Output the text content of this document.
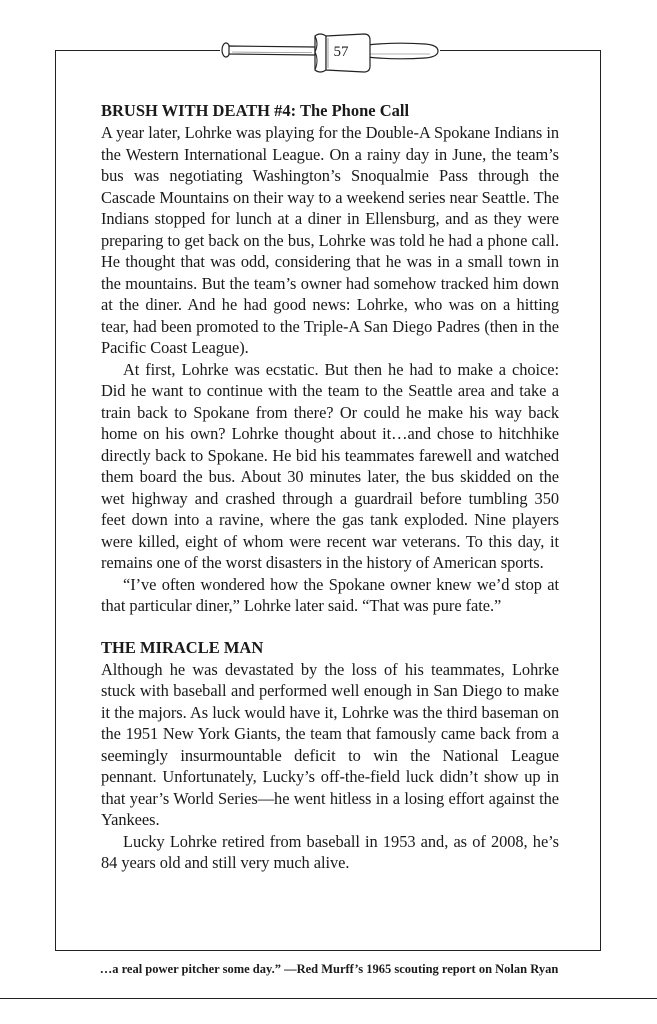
57
BRUSH WITH DEATH #4: The Phone Call

A year later, Lohrke was playing for the Double-A Spokane Indians in the Western International League. On a rainy day in June, the team’s bus was negotiating Washington’s Snoqualmie Pass through the Cascade Mountains on their way to a weekend series near Seattle. The Indians stopped for lunch at a diner in Ellensburg, and as they were preparing to get back on the bus, Lohrke was told he had a phone call. He thought that was odd, considering that he was in a small town in the mountains. But the team’s owner had somehow tracked him down at the diner. And he had good news: Lohrke, who was on a hitting tear, had been promoted to the Triple-A San Diego Padres (then in the Pacific Coast League).

At first, Lohrke was ecstatic. But then he had to make a choice: Did he want to continue with the team to the Seattle area and take a train back to Spokane from there? Or could he make his way back home on his own? Lohrke thought about it…and chose to hitchhike directly back to Spokane. He bid his teammates farewell and watched them board the bus. About 30 minutes later, the bus skidded on the wet highway and crashed through a guardrail before tumbling 350 feet down into a ravine, where the gas tank exploded. Nine players were killed, eight of whom were recent war veterans. To this day, it remains one of the worst disasters in the history of American sports.

“I’ve often wondered how the Spokane owner knew we’d stop at that particular diner,” Lohrke later said. “That was pure fate.”

THE MIRACLE MAN

Although he was devastated by the loss of his teammates, Lohrke stuck with baseball and performed well enough in San Diego to make it the majors. As luck would have it, Lohrke was the third baseman on the 1951 New York Giants, the team that famously came back from a seemingly insurmountable deficit to win the National League pennant. Unfortunately, Lucky’s off-the-field luck didn’t show up in that year’s World Series—he went hitless in a losing effort against the Yankees.

Lucky Lohrke retired from baseball in 1953 and, as of 2008, he’s 84 years old and still very much alive.

…a real power pitcher some day.” —Red Murff’s 1965 scouting report on Nolan Ryan
